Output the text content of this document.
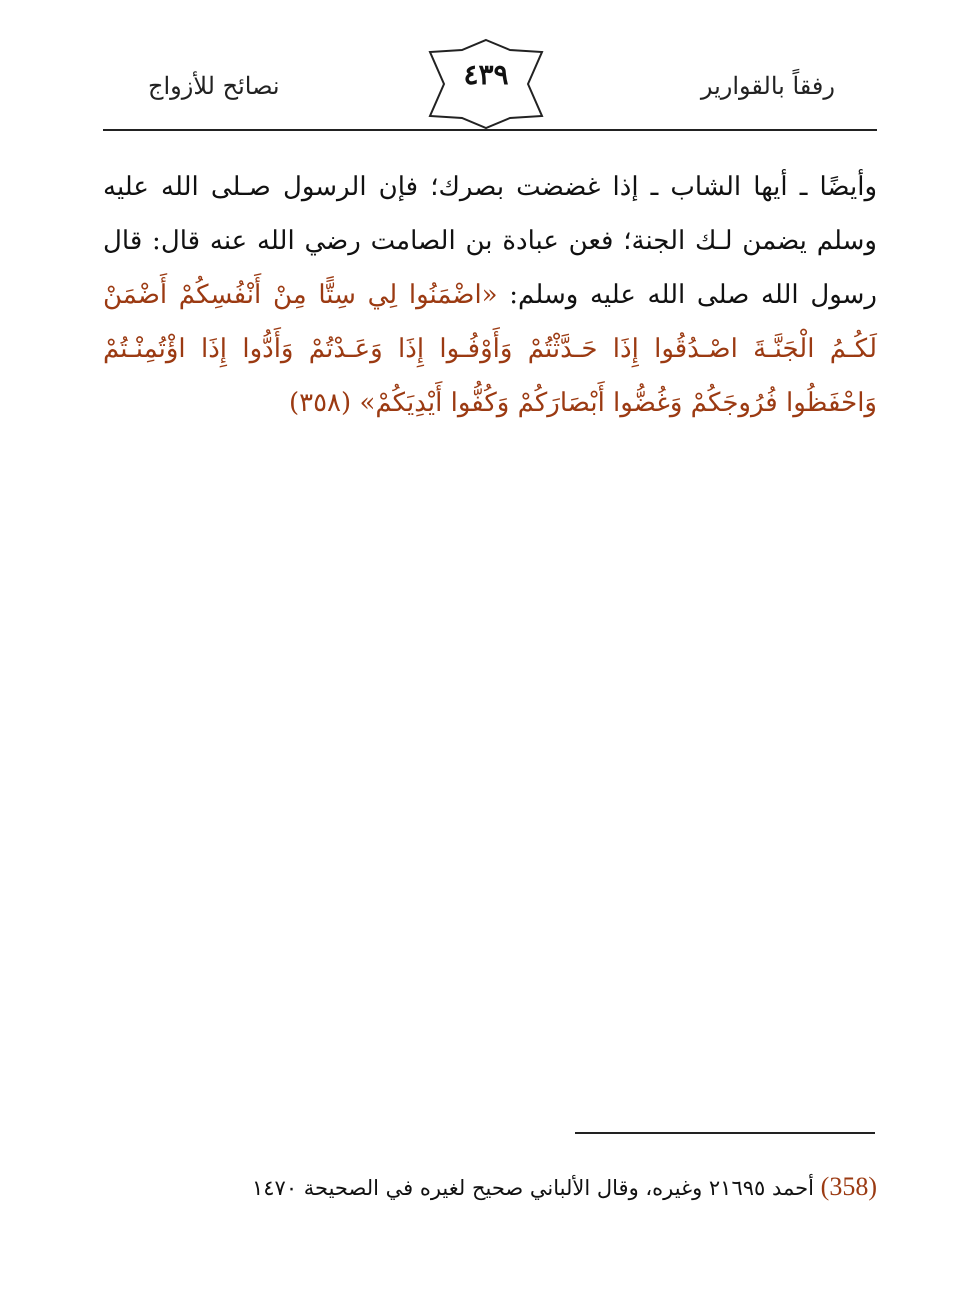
نصائح للأزواج	٤٣٩	رفقاً بالقوارير
وأيضًا ـ أيها الشاب ـ إذا غضضت بصرك؛ فإن الرسول صـلى الله عليه وسلم يضمن لـك الجنة؛ فعن عبادة بن الصامت رضي الله عنه قال: قال رسول الله صلى الله عليه وسلم: «اضْمَنُوا لِي سِتًّا مِنْ أَنْفُسِكُمْ أَضْمَنْ لَكُـمُ الْجَنَّـةَ اصْـدُقُوا إِذَا حَـدَّثْتُمْ وَأَوْفُـوا إِذَا وَعَـدْتُمْ وَأَدُّوا إِذَا اؤْتُمِنْـتُمْ وَاحْفَظُوا فُرُوجَكُمْ وَغُضُّوا أَبْصَارَكُمْ وَكُفُّوا أَيْدِيَكُمْ» (٣٥٨)
(358) أحمد ٢١٦٩٥ وغيره، وقال الألباني صحيح لغيره في الصحيحة ١٤٧٠
